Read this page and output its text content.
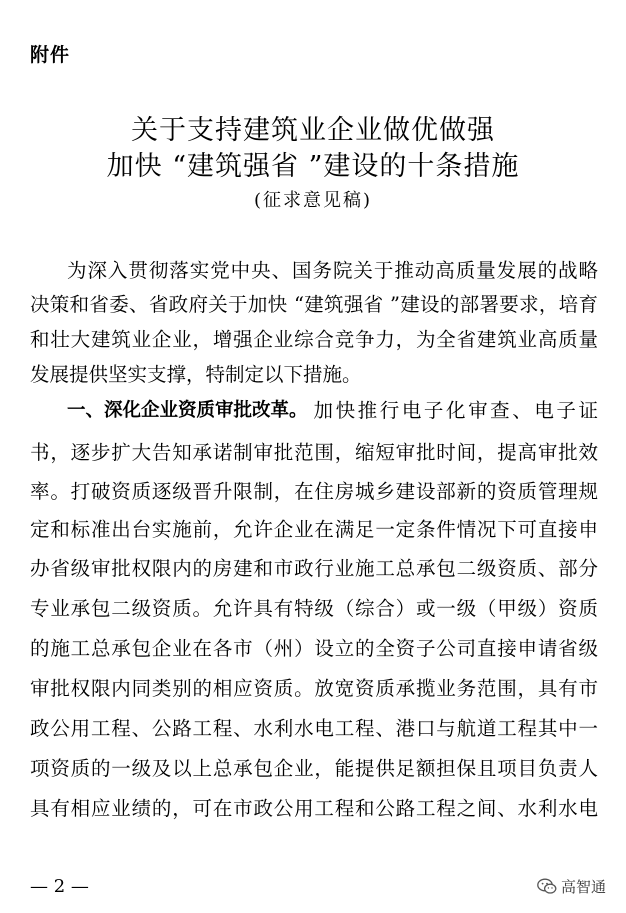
附件
关于支持建筑业企业做优做强
加快 “建筑强省 ”建设的十条措施
(征求意见稿)
为深入贯彻落实党中央、国务院关于推动高质量发展的战略
决策和省委、省政府关于加快 “建筑强省 ”建设的部署要求，培育
和壮大建筑业企业，增强企业综合竞争力，为全省建筑业高质量
发展提供坚实支撑，特制定以下措施。
一、深化企业资质审批改革。 加快推行电子化审查、电子证
书，逐步扩大告知承诺制审批范围，缩短审批时间，提高审批效
率。打破资质逐级晋升限制，在住房城乡建设部新的资质管理规
定和标准出台实施前，允许企业在满足一定条件情况下可直接申
办省级审批权限内的房建和市政行业施工总承包二级资质、部分
专业承包二级资质。允许具有特级（综合）或一级（甲级）资质
的施工总承包企业在各市（州）设立的全资子公司直接申请省级
审批权限内同类别的相应资质。放宽资质承揽业务范围，具有市
政公用工程、公路工程、水利水电工程、港口与航道工程其中一
项资质的一级及以上总承包企业，能提供足额担保且项目负责人
具有相应业绩的，可在市政公用工程和公路工程之间、水利水电
— 2 —	高智通
